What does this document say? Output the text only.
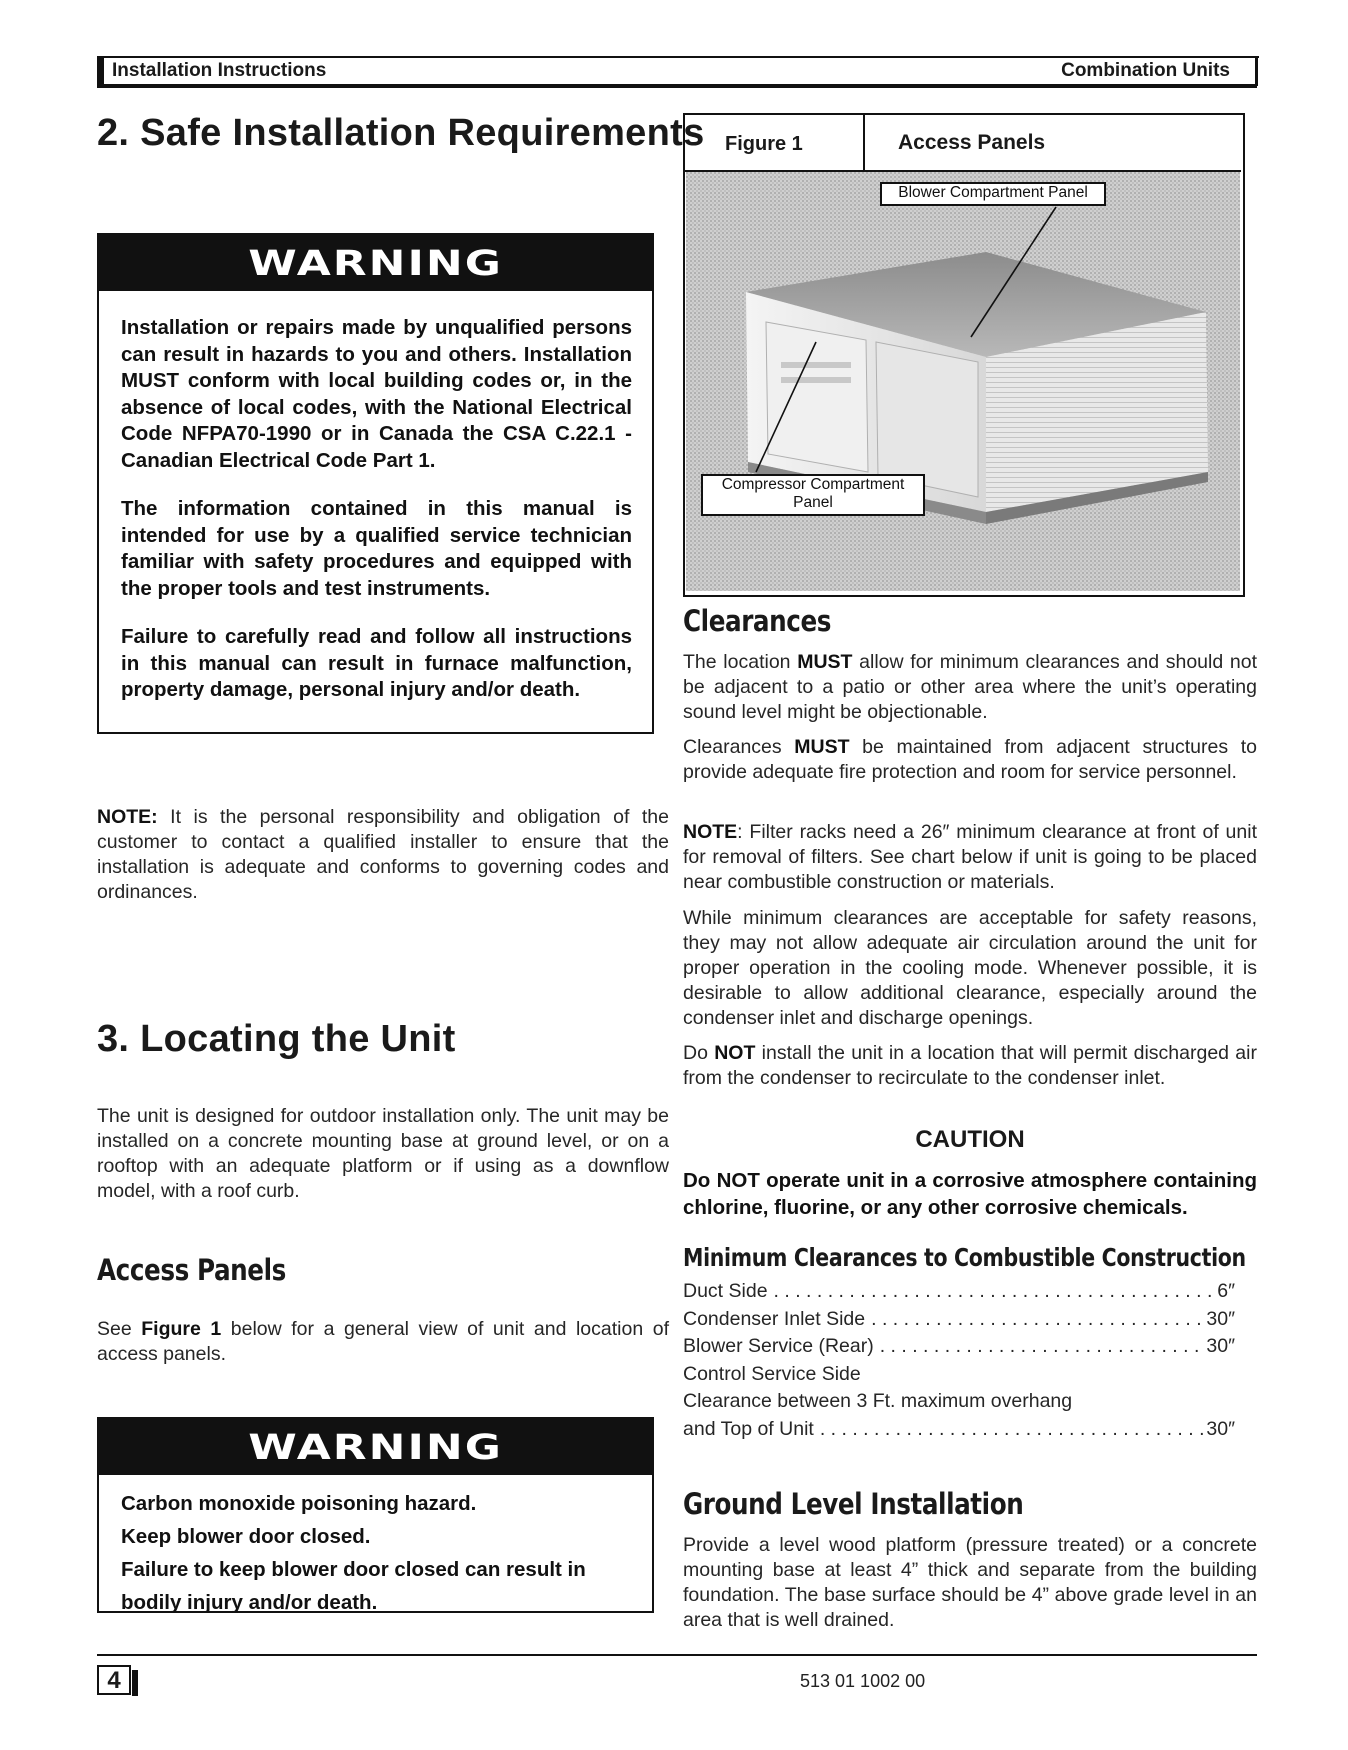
Installation Instructions	Combination Units
2. Safe Installation Requirements
WARNING

Installation or repairs made by unqualified persons can result in hazards to you and others. Installation MUST conform with local building codes or, in the absence of local codes, with the National Electrical Code NFPA70-1990 or in Canada the CSA C.22.1 - Canadian Electrical Code Part 1.

The information contained in this manual is intended for use by a qualified service technician familiar with safety procedures and equipped with the proper tools and test instruments.

Failure to carefully read and follow all instructions in this manual can result in furnace malfunction, property damage, personal injury and/or death.

NOTE: It is the personal responsibility and obligation of the customer to contact a qualified installer to ensure that the installation is adequate and conforms to governing codes and ordinances.
3. Locating the Unit
The unit is designed for outdoor installation only. The unit may be installed on a concrete mounting base at ground level, or on a rooftop with an adequate platform or if using as a downflow model, with a roof curb.
Access Panels
See Figure 1 below for a general view of unit and location of access panels.
WARNING
Carbon monoxide poisoning hazard.
Keep blower door closed.
Failure to keep blower door closed can result in bodily injury and/or death.
Figure 1	Access Panels
Blower Compartment Panel
Compressor Compartment
Panel
Clearances
The location MUST allow for minimum clearances and should not be adjacent to a patio or other area where the unit’s operating sound level might be objectionable.
Clearances MUST be maintained from adjacent structures to provide adequate fire protection and room for service personnel.
NOTE: Filter racks need a 26″ minimum clearance at front of unit for removal of filters. See chart below if unit is going to be placed near combustible construction or materials.
While minimum clearances are acceptable for safety reasons, they may not allow adequate air circulation around the unit for proper operation in the cooling mode. Whenever possible, it is desirable to allow additional clearance, especially around the condenser inlet and discharge openings.
Do NOT install the unit in a location that will permit discharged air from the condenser to recirculate to the condenser inlet.
CAUTION
Do NOT operate unit in a corrosive atmosphere containing chlorine, fluorine, or any other corrosive chemicals.
Minimum Clearances to Combustible Construction
Duct Side . . .	6″
Condenser Inlet Side . . .	30″
Blower Service (Rear) . . .	30″
Control Service Side
Clearance between 3 Ft. maximum overhang
and Top of Unit . . .	30″
Ground Level Installation
Provide a level wood platform (pressure treated) or a concrete mounting base at least 4” thick and separate from the building foundation. The base surface should be 4” above grade level in an area that is well drained.
4	513 01 1002 00
